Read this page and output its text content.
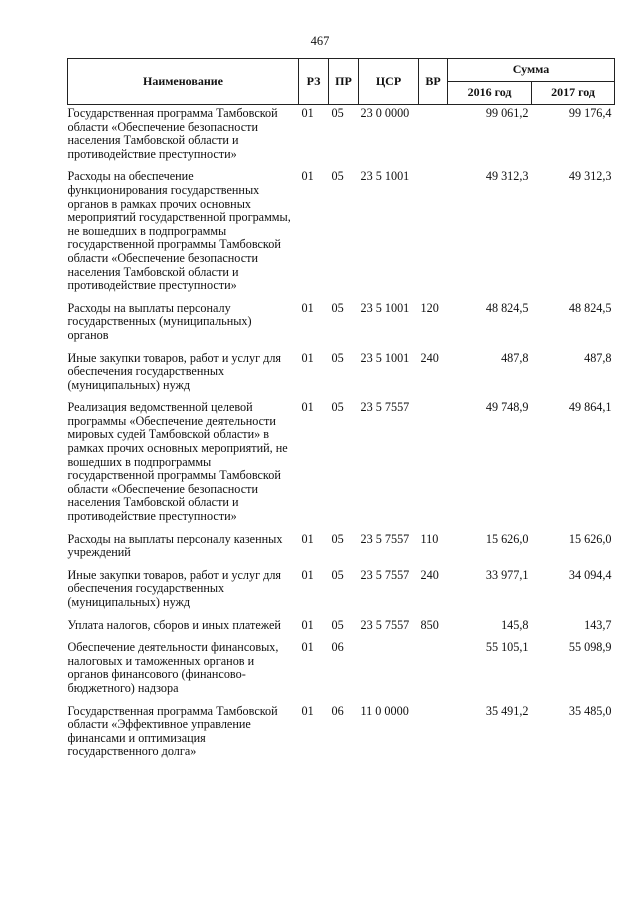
467
Наименование	РЗ	ПР	ЦСР	ВР	Сумма	
					2016 год	2017 год
Государственная программа Тамбовской области «Обеспечение безопасности населения Тамбовской области и противодействие преступности»	01	05	23 0 0000		99 061,2	99 176,4
Расходы на обеспечение функционирования государственных органов в рамках прочих основных мероприятий государственной программы, не вошедших в подпрограммы государственной программы Тамбовской области «Обеспечение безопасности населения Тамбовской области и противодействие преступности»	01	05	23 5 1001		49 312,3	49 312,3
Расходы на выплаты персоналу государственных (муниципальных) органов	01	05	23 5 1001	120	48 824,5	48 824,5
Иные закупки товаров, работ и услуг для обеспечения государственных (муниципальных) нужд	01	05	23 5 1001	240	487,8	487,8
Реализация ведомственной целевой программы «Обеспечение деятельности мировых судей Тамбовской области» в рамках прочих основных мероприятий, не вошедших в подпрограммы государственной программы Тамбовской области «Обеспечение безопасности населения Тамбовской области и противодействие преступности»	01	05	23 5 7557		49 748,9	49 864,1
Расходы на выплаты персоналу казенных учреждений	01	05	23 5 7557	110	15 626,0	15 626,0
Иные закупки товаров, работ и услуг для обеспечения государственных (муниципальных) нужд	01	05	23 5 7557	240	33 977,1	34 094,4
Уплата налогов, сборов и иных платежей	01	05	23 5 7557	850	145,8	143,7
Обеспечение деятельности финансовых, налоговых и таможенных органов и органов финансового (финансово-бюджетного) надзора	01	06			55 105,1	55 098,9
Государственная программа Тамбовской области «Эффективное управление финансами и оптимизация государственного долга»	01	06	11 0 0000		35 491,2	35 485,0
